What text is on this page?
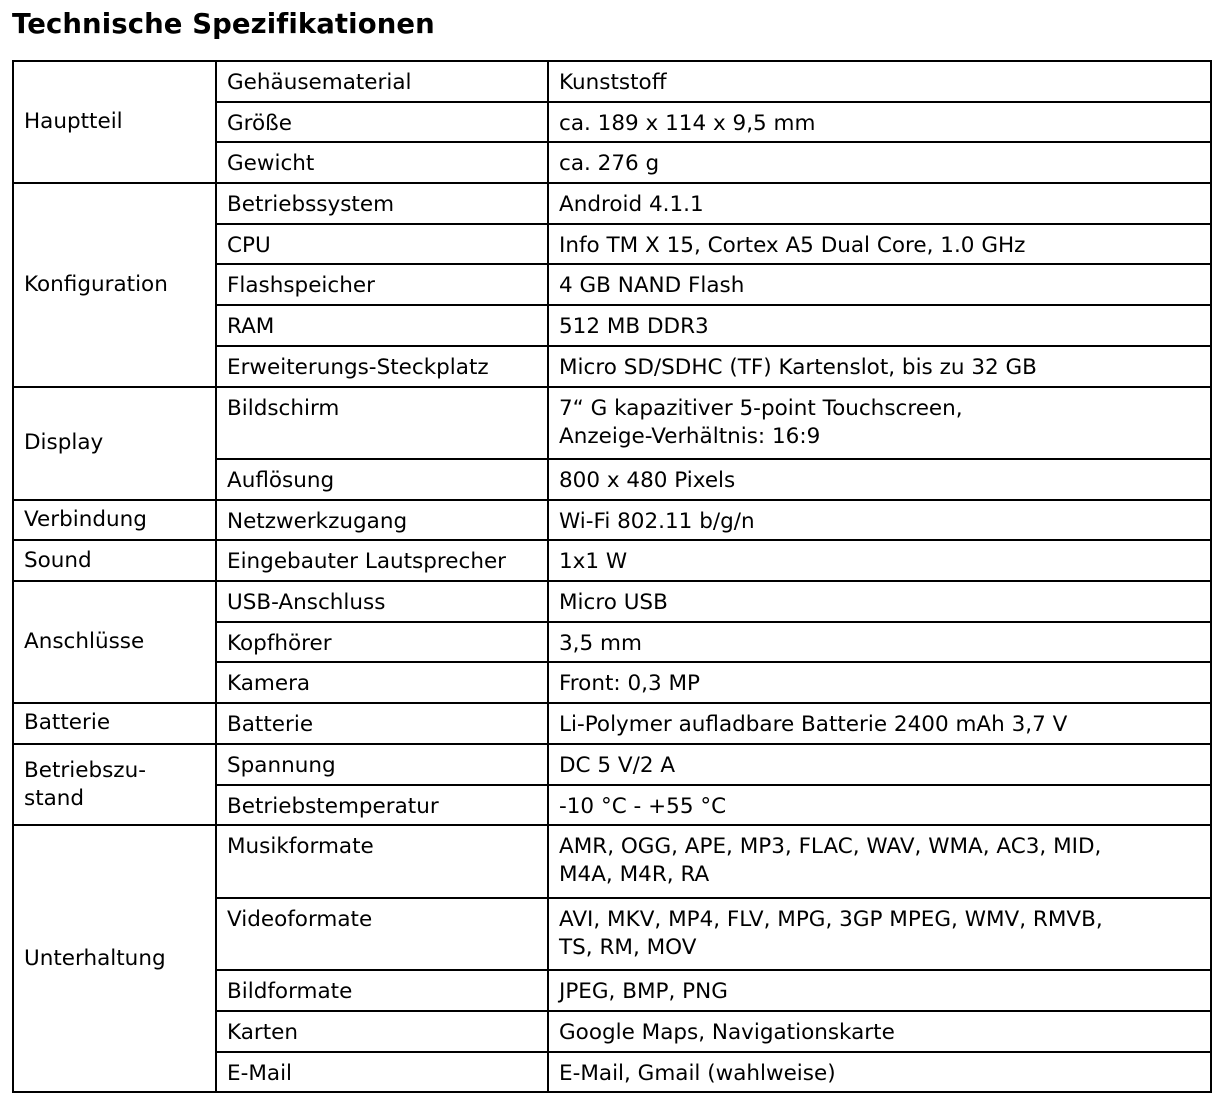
Technische Spezifikationen
Hauptteil	Gehäusematerial	Kunststoff

	Größe	ca. 189 x 114 x 9,5 mm

	Gewicht	ca. 276 g

Konfiguration	Betriebssystem	Android 4.1.1

	CPU	Info TM X 15, Cortex A5 Dual Core, 1.0 GHz

	Flashspeicher	4 GB NAND Flash

	RAM	512 MB DDR3

	Erweiterungs-Steckplatz	Micro SD/SDHC (TF) Kartenslot, bis zu 32 GB

Display	Bildschirm	7“ G kapazitiver 5-point Touchscreen,
Anzeige-Verhältnis: 16:9

	Auflösung	800 x 480 Pixels

Verbindung	Netzwerkzugang	Wi-Fi 802.11 b/g/n

Sound	Eingebauter Lautsprecher	1x1 W

Anschlüsse	USB-Anschluss	Micro USB

	Kopfhörer	3,5 mm

	Kamera	Front: 0,3 MP

Batterie	Batterie	Li-Polymer aufladbare Batterie 2400 mAh 3,7 V

Betriebszu-
stand	Spannung	DC 5 V/2 A

	Betriebstemperatur	-10 °C - +55 °C

Unterhaltung	Musikformate	AMR, OGG, APE, MP3, FLAC, WAV, WMA, AC3, MID,
M4A, M4R, RA

	Videoformate	AVI, MKV, MP4, FLV, MPG, 3GP MPEG, WMV, RMVB,
TS, RM, MOV

	Bildformate	JPEG, BMP, PNG

	Karten	Google Maps, Navigationskarte

	E-Mail	E-Mail, Gmail (wahlweise)
